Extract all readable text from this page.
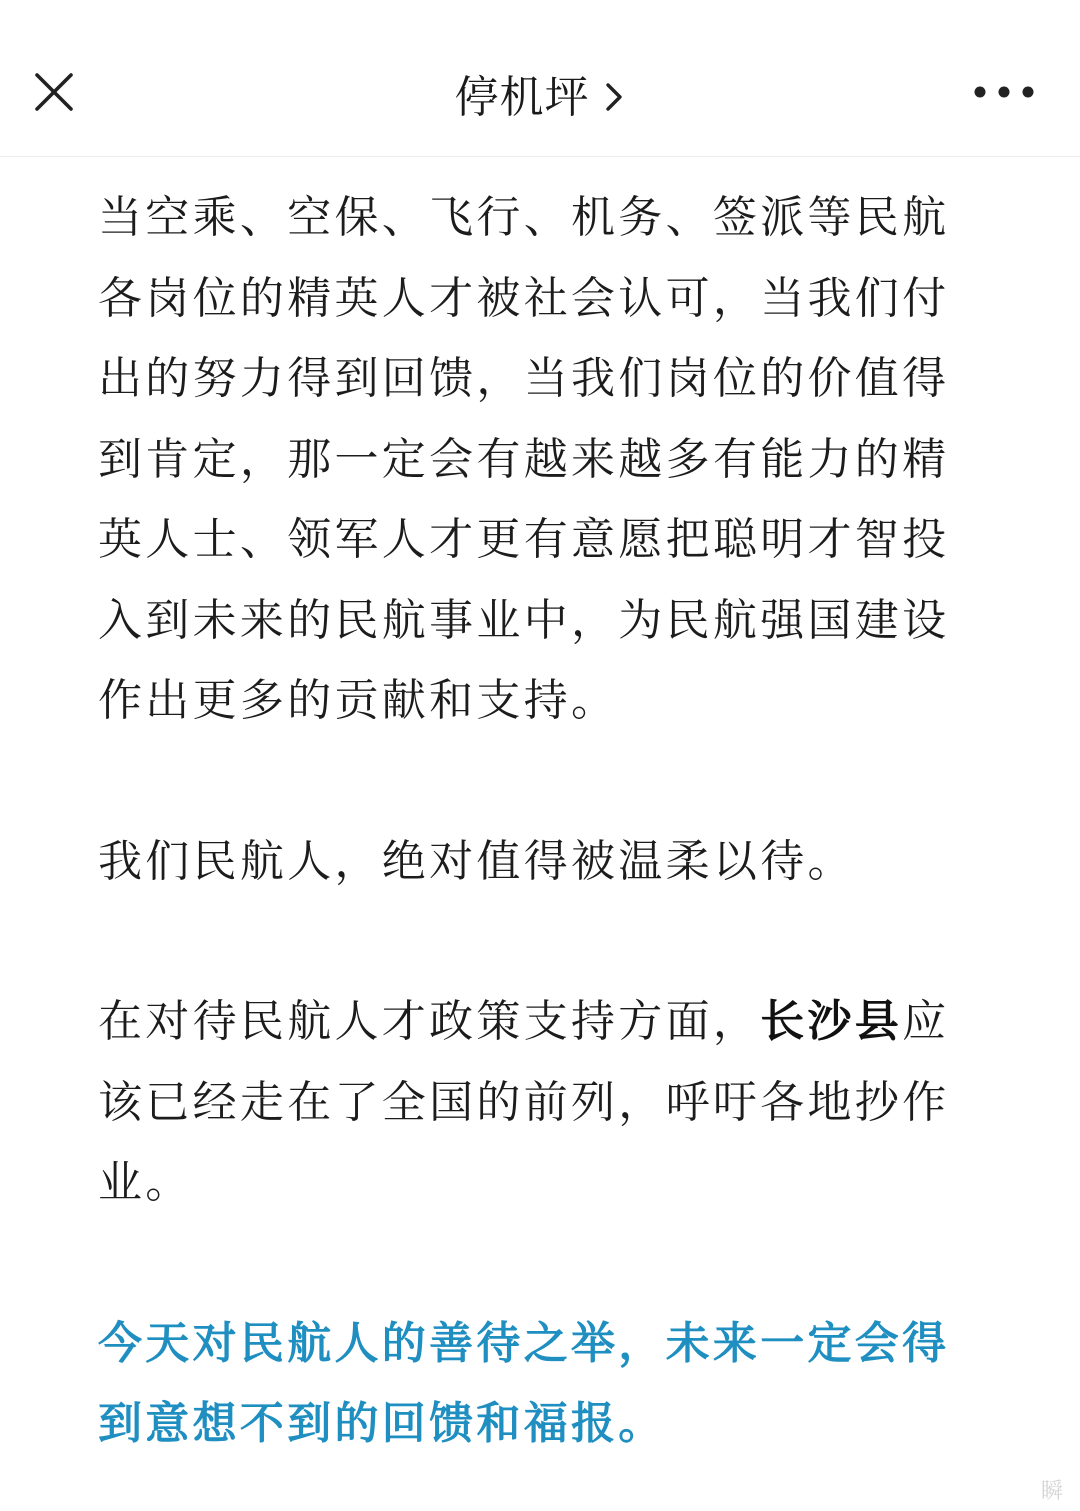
停机坪

当空乘、空保、飞行、机务、签派等民航各岗位的精英人才被社会认可，当我们付出的努力得到回馈，当我们岗位的价值得到肯定，那一定会有越来越多有能力的精英人士、领军人才更有意愿把聪明才智投入到未来的民航事业中，为民航强国建设作出更多的贡献和支持。

我们民航人，绝对值得被温柔以待。

在对待民航人才政策支持方面，长沙县应该已经走在了全国的前列，呼吁各地抄作业。

今天对民航人的善待之举，未来一定会得到意想不到的回馈和福报。

瞬
